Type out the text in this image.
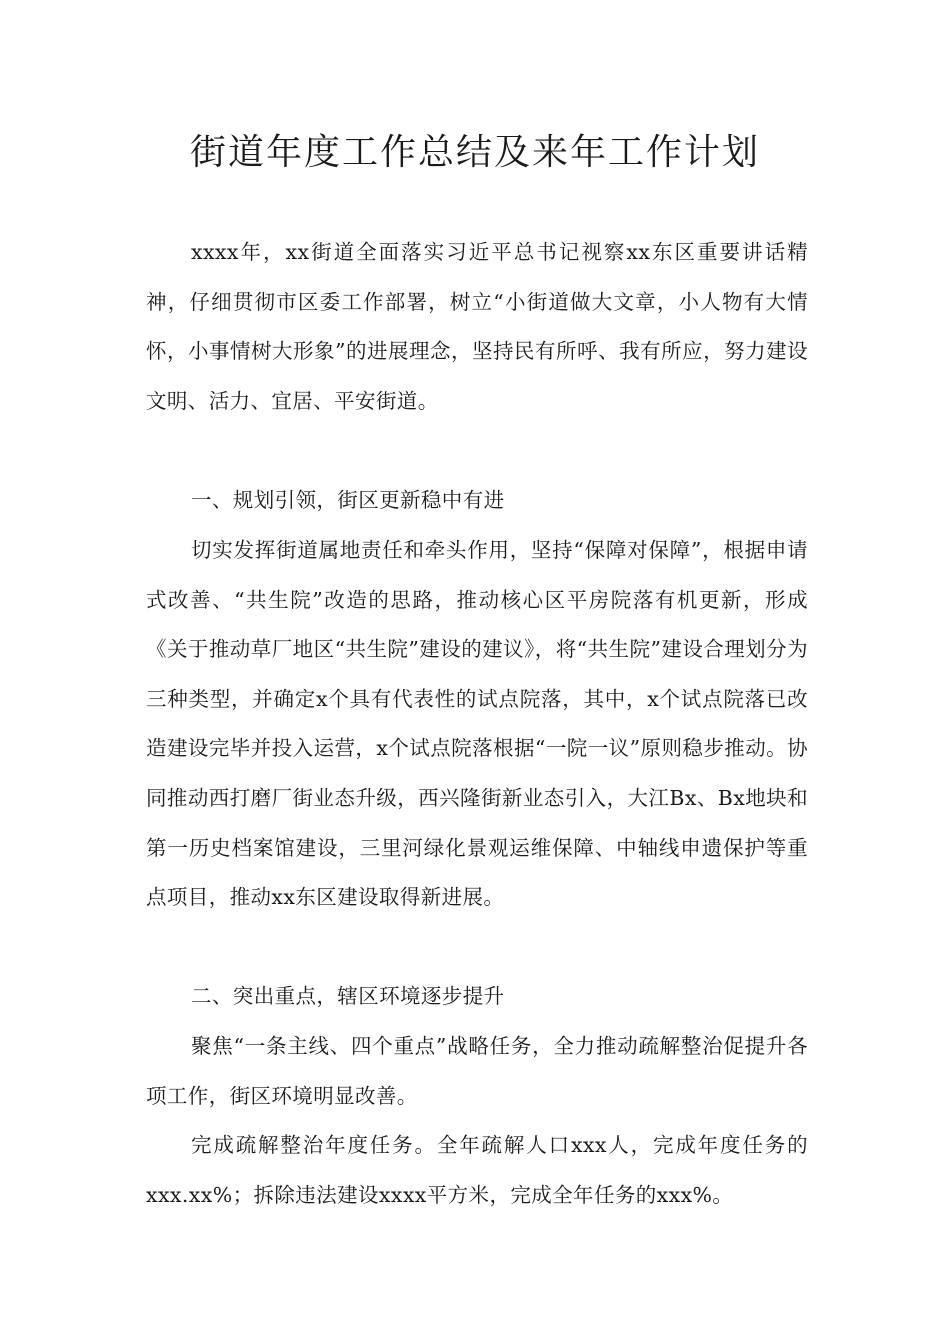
街道年度工作总结及来年工作计划

xxxx年，xx街道全面落实习近平总书记视察xx东区重要讲话精神，仔细贯彻市区委工作部署，树立“小街道做大文章，小人物有大情怀，小事情树大形象”的进展理念，坚持民有所呼、我有所应，努力建设文明、活力、宜居、平安街道。

一、规划引领，街区更新稳中有进

切实发挥街道属地责任和牵头作用，坚持“保障对保障”，根据申请式改善、“共生院”改造的思路，推动核心区平房院落有机更新，形成《关于推动草厂地区“共生院”建设的建议》，将“共生院”建设合理划分为三种类型，并确定x个具有代表性的试点院落，其中，x个试点院落已改造建设完毕并投入运营，x个试点院落根据“一院一议”原则稳步推动。协同推动西打磨厂街业态升级，西兴隆街新业态引入，大江Bx、Bx地块和第一历史档案馆建设，三里河绿化景观运维保障、中轴线申遗保护等重点项目，推动xx东区建设取得新进展。

二、突出重点，辖区环境逐步提升

聚焦“一条主线、四个重点”战略任务，全力推动疏解整治促提升各项工作，街区环境明显改善。

完成疏解整治年度任务。全年疏解人口xxx人，完成年度任务的xxx.xx%；拆除违法建设xxxx平方米，完成全年任务的xxx%。
